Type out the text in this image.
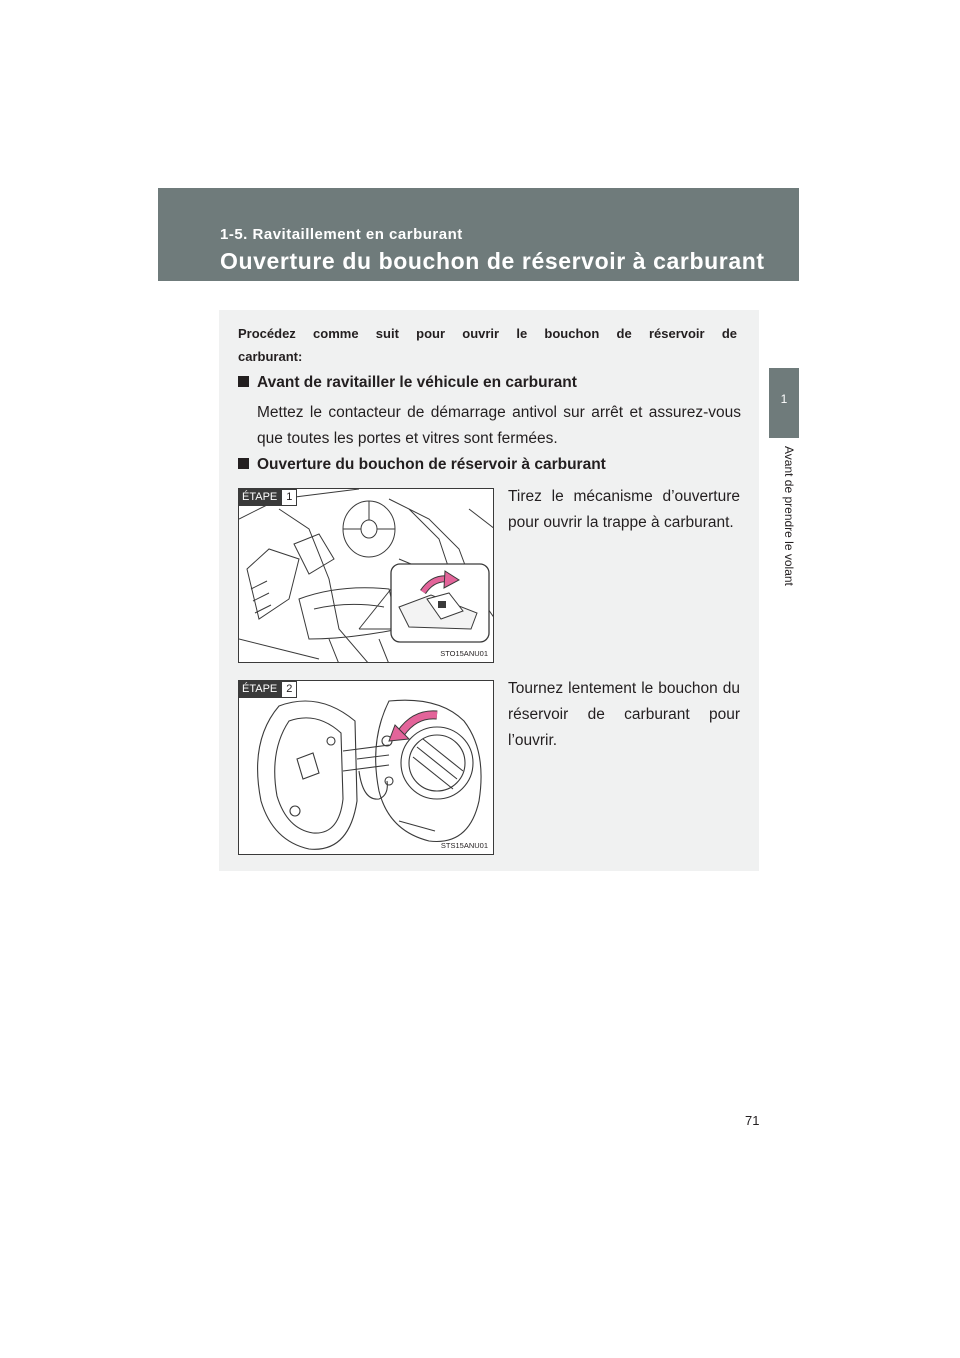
1-5. Ravitaillement en carburant
Ouverture du bouchon de réservoir à carburant
1
Avant de prendre le volant
Procédez comme suit pour ouvrir le bouchon de réservoir de carburant:
Avant de ravitailler le véhicule en carburant
Mettez le contacteur de démarrage antivol sur arrêt et assurez-vous que toutes les portes et vitres sont fermées.
Ouverture du bouchon de réservoir à carburant
ÉTAPE 1
STO15ANU01
Tirez le mécanisme d’ouverture pour ouvrir la trappe à carburant.
ÉTAPE 2
STS15ANU01
Tournez lentement le bouchon du réservoir de carburant pour l’ouvrir.
71
